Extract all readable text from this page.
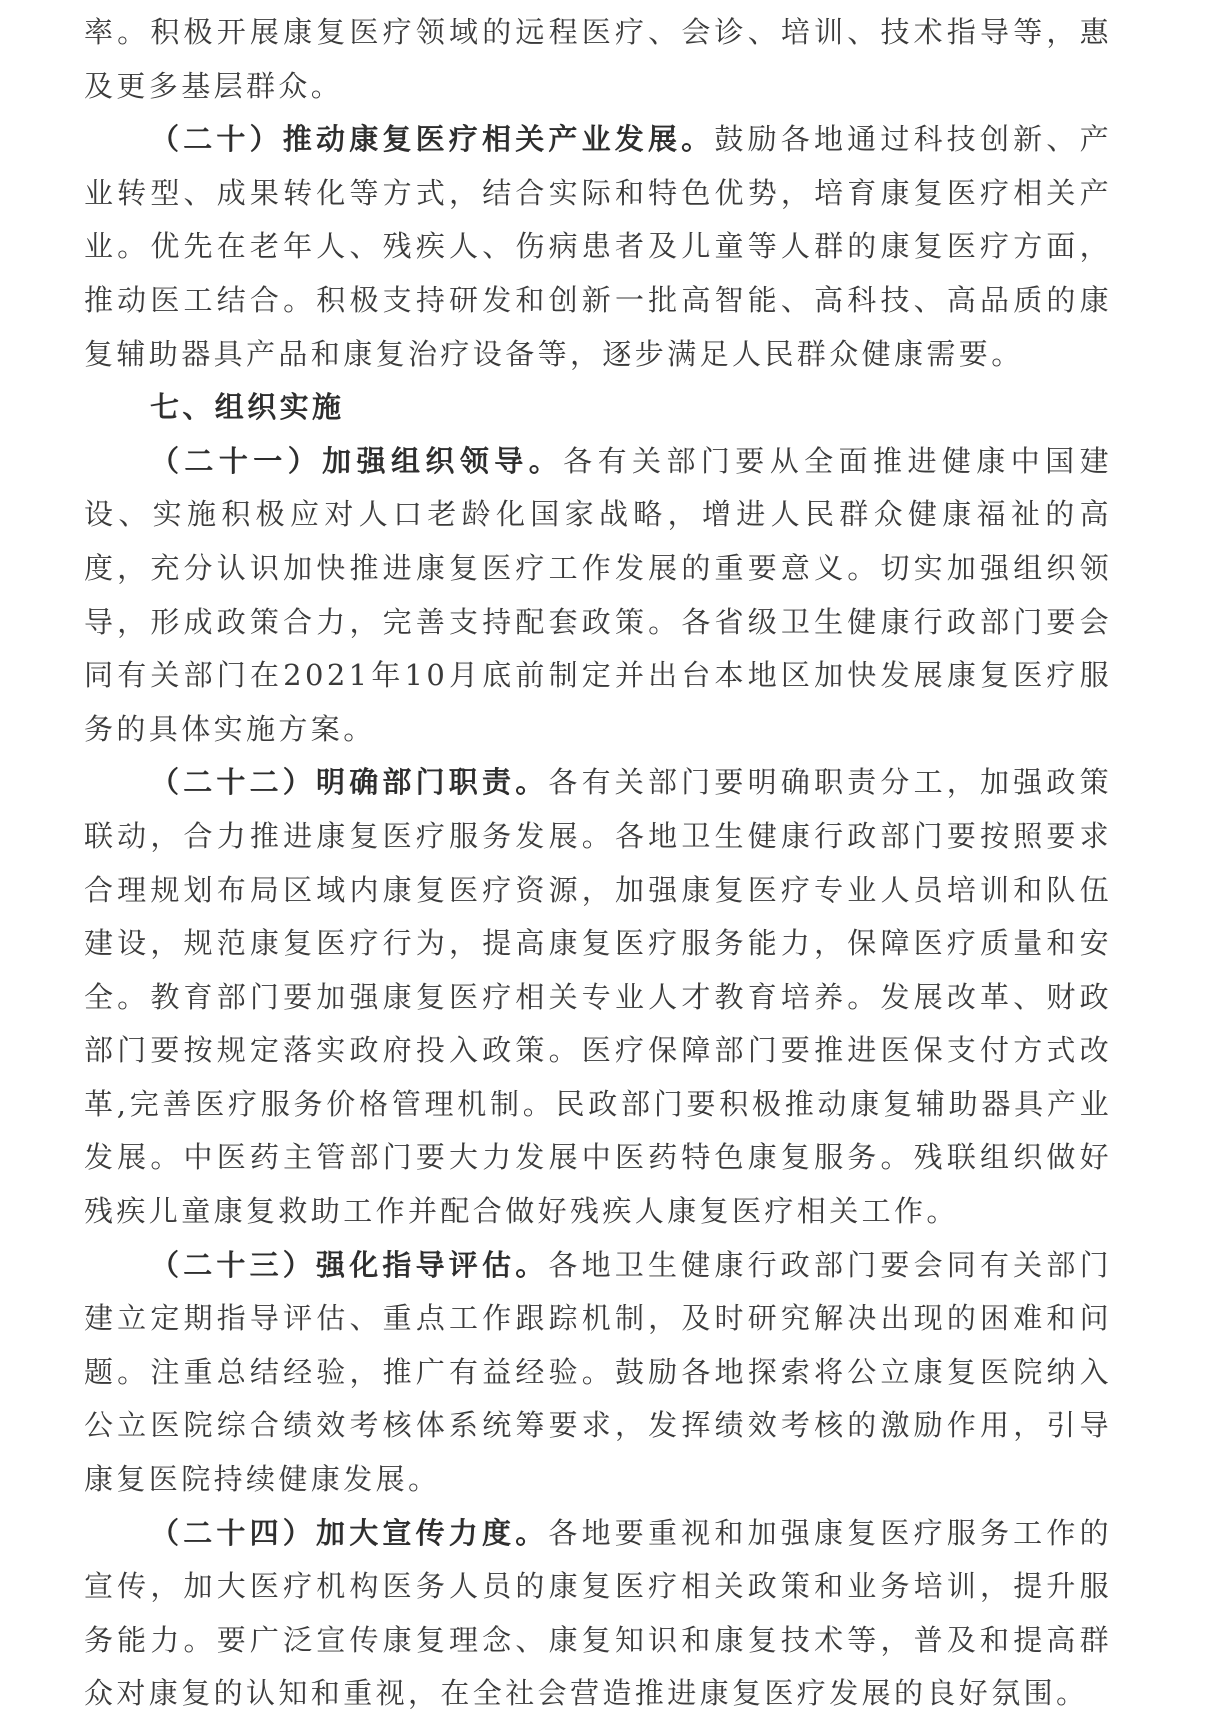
率。积极开展康复医疗领域的远程医疗、会诊、培训、技术指导等，惠及更多基层群众。

（二十）推动康复医疗相关产业发展。鼓励各地通过科技创新、产业转型、成果转化等方式，结合实际和特色优势，培育康复医疗相关产业。优先在老年人、残疾人、伤病患者及儿童等人群的康复医疗方面，推动医工结合。积极支持研发和创新一批高智能、高科技、高品质的康复辅助器具产品和康复治疗设备等，逐步满足人民群众健康需要。

七、组织实施

（二十一）加强组织领导。各有关部门要从全面推进健康中国建设、实施积极应对人口老龄化国家战略，增进人民群众健康福祉的高度，充分认识加快推进康复医疗工作发展的重要意义。切实加强组织领导，形成政策合力，完善支持配套政策。各省级卫生健康行政部门要会同有关部门在2021年10月底前制定并出台本地区加快发展康复医疗服务的具体实施方案。

（二十二）明确部门职责。各有关部门要明确职责分工，加强政策联动，合力推进康复医疗服务发展。各地卫生健康行政部门要按照要求合理规划布局区域内康复医疗资源，加强康复医疗专业人员培训和队伍建设，规范康复医疗行为，提高康复医疗服务能力，保障医疗质量和安全。教育部门要加强康复医疗相关专业人才教育培养。发展改革、财政部门要按规定落实政府投入政策。医疗保障部门要推进医保支付方式改革,完善医疗服务价格管理机制。民政部门要积极推动康复辅助器具产业发展。中医药主管部门要大力发展中医药特色康复服务。残联组织做好残疾儿童康复救助工作并配合做好残疾人康复医疗相关工作。

（二十三）强化指导评估。各地卫生健康行政部门要会同有关部门建立定期指导评估、重点工作跟踪机制，及时研究解决出现的困难和问题。注重总结经验，推广有益经验。鼓励各地探索将公立康复医院纳入公立医院综合绩效考核体系统筹要求，发挥绩效考核的激励作用，引导康复医院持续健康发展。

（二十四）加大宣传力度。各地要重视和加强康复医疗服务工作的宣传，加大医疗机构医务人员的康复医疗相关政策和业务培训，提升服务能力。要广泛宣传康复理念、康复知识和康复技术等，普及和提高群众对康复的认知和重视，在全社会营造推进康复医疗发展的良好氛围。
